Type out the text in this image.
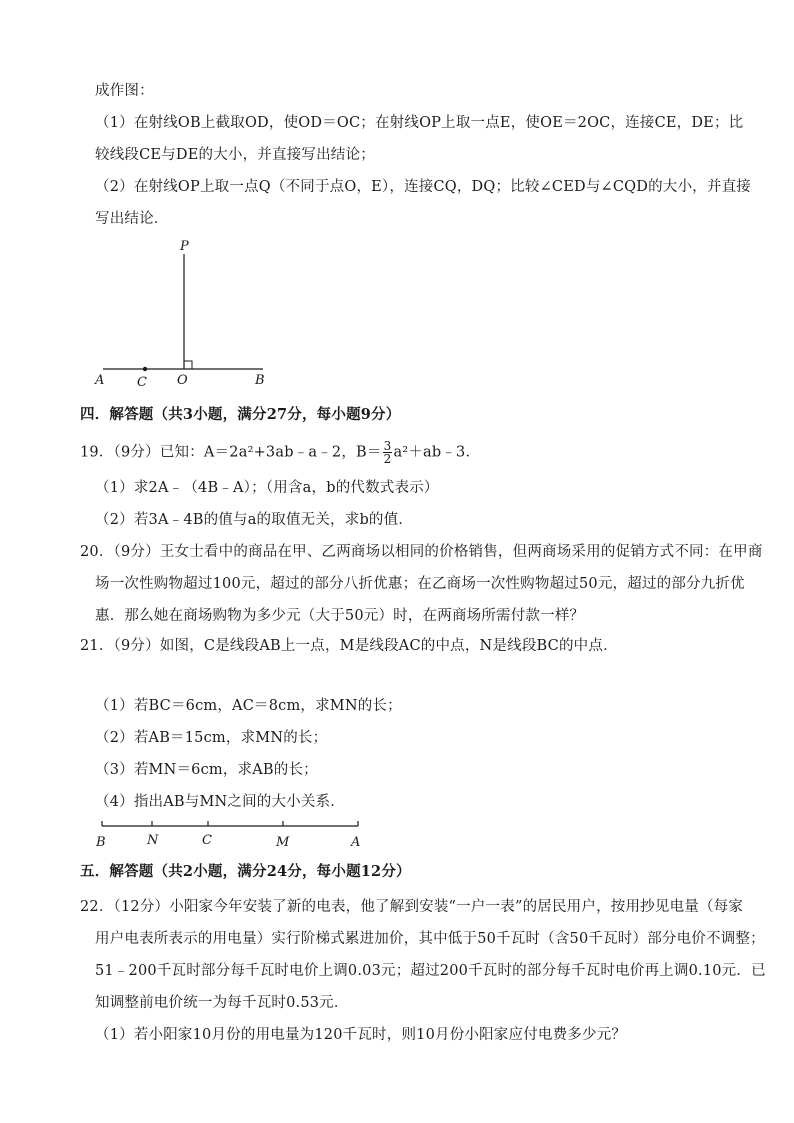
成作图：
（1）在射线OB上截取OD，使OD＝OC；在射线OP上取一点E，使OE＝2OC，连接CE，DE；比
较线段CE与DE的大小，并直接写出结论；
（2）在射线OP上取一点Q（不同于点O，E），连接CQ，DQ；比较∠CED与∠CQD的大小，并直接
写出结论．
P
A	C O	B
四．解答题（共3小题，满分27分，每小题9分）
19．（9分）已知：A＝2a²+3ab﹣a﹣2，$B= \frac{3}{2}$ a²＋ab﹣3．
（1）求2A﹣（4B﹣A）；（用含a，b的代数式表示）
（2）若3A﹣4B的值与a的取值无关，求b的值．
20．（9分）王女士看中的商品在甲、乙两商场以相同的价格销售，但两商场采用的促销方式不同：在甲商
场一次性购物超过100元，超过的部分八折优惠；在乙商场一次性购物超过50元，超过的部分九折优
惠．那么她在商场购物为多少元（大于50元）时，在两商场所需付款一样？
21．（9分）如图，C是线段AB上一点，M是线段AC的中点，N是线段BC的中点．
（1）若BC＝6cm，AC＝8cm，求MN的长；
（2）若AB＝15cm，求MN的长；
（3）若MN＝6cm，求AB的长；
（4）指出AB与MN之间的大小关系．
B	N	C	M	A
五．解答题（共2小题，满分24分，每小题12分）
22．（12分）小阳家今年安装了新的电表，他了解到安装“一户一表”的居民用户，按用抄见电量（每家
用户电表所表示的用电量）实行阶梯式累进加价，其中低于50千瓦时（含50千瓦时）部分电价不调整；
51﹣200千瓦时部分每千瓦时电价上调0.03元；超过200千瓦时的部分每千瓦时电价再上调0.10元．已
知调整前电价统一为每千瓦时0.53元．
（1）若小阳家10月份的用电量为120千瓦时，则10月份小阳家应付电费多少元？
